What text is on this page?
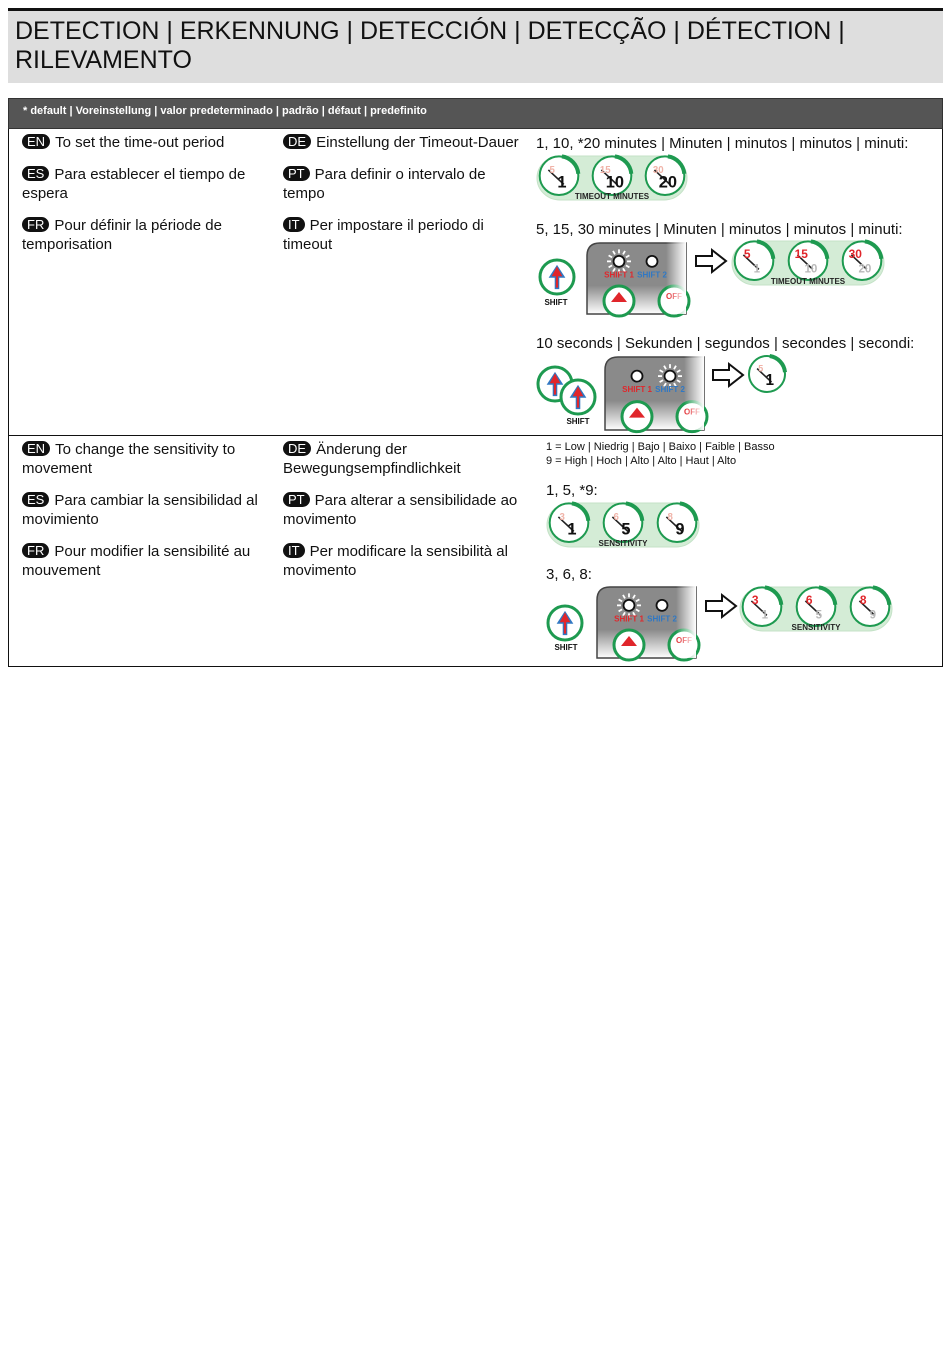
DETECTION | ERKENNUNG | DETECCIÓN | DETECÇÃO | DÉTECTION | RILEVAMENTO
* default | Voreinstellung | valor predeterminado | padrão | défaut | predefinito
EN To set the time-out period
ES Para establecer el tiempo de espera
FR Pour définir la période de temporisation
DE Einstellung der Timeout-Dauer
PT Para definir o intervalo de tempo
IT Per impostare il periodo di timeout
1, 10, *20 minutes | Minuten | minutos | minutos | minuti:
5, 15, 30 minutes | Minuten | minutos | minutos | minuti:
10 seconds | Sekunden | segundos | secondes | secondi:
EN To change the sensitivity to movement
ES Para cambiar la sensibilidad al movimiento
FR Pour modifier la sensibilité au mouvement
DE Änderung der Bewegungsempfindlichkeit
PT Para alterar a sensibilidade ao movimento
IT Per modificare la sensibilità al movimento
1 = Low | Niedrig | Bajo | Baixo | Faible | Basso
9 = High | Hoch | Alto | Alto | Haut | Alto
1, 5, *9:
3, 6, 8:
5
1
15
10
30
20
TIMEOUT MINUTES
SHIFT
5
1
15
10
30
20
TIMEOUT MINUTES
SHIFT
5
1
3
1
6
5
8
9
SENSITIVITY
SHIFT
3
1
6
5
8
9
SENSITIVITY
